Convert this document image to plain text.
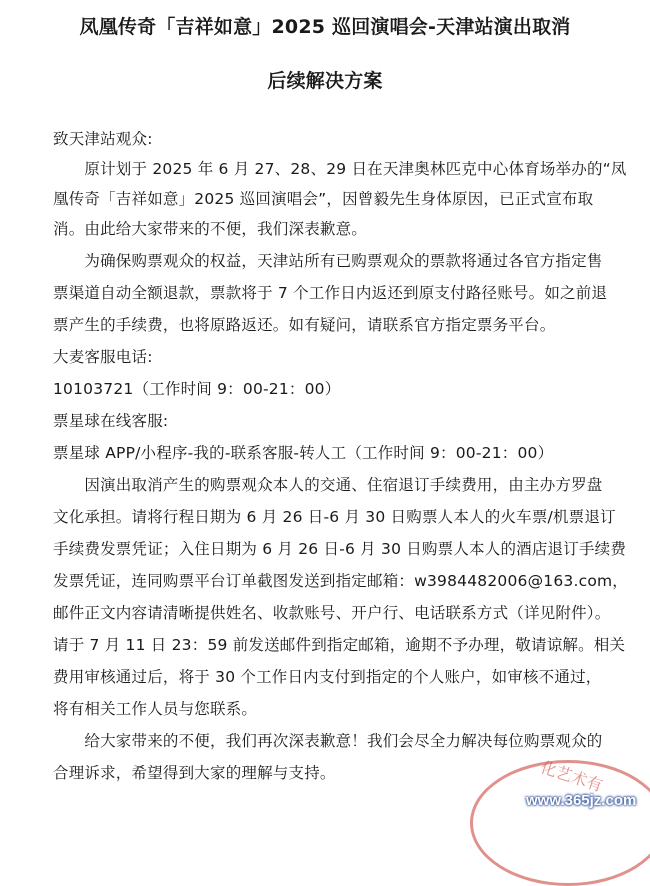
凤凰传奇「吉祥如意」2025 巡回演唱会-天津站演出取消
后续解决方案
致天津站观众:
　　原计划于 2025 年 6 月 27、28、29 日在天津奥林匹克中心体育场举办的“凤
凰传奇「吉祥如意」2025 巡回演唱会”，因曾毅先生身体原因，已正式宣布取
消。由此给大家带来的不便，我们深表歉意。
　　为确保购票观众的权益，天津站所有已购票观众的票款将通过各官方指定售
票渠道自动全额退款，票款将于 7 个工作日内返还到原支付路径账号。如之前退
票产生的手续费，也将原路返还。如有疑问，请联系官方指定票务平台。
大麦客服电话:
10103721（工作时间 9：00-21：00）
票星球在线客服:
票星球 APP/小程序-我的-联系客服-转人工（工作时间 9：00-21：00）
　　因演出取消产生的购票观众本人的交通、住宿退订手续费用，由主办方罗盘
文化承担。请将行程日期为 6 月 26 日-6 月 30 日购票人本人的火车票/机票退订
手续费发票凭证；入住日期为 6 月 26 日-6 月 30 日购票人本人的酒店退订手续费
发票凭证，连同购票平台订单截图发送到指定邮箱：w3984482006@163.com，
邮件正文内容请清晰提供姓名、收款账号、开户行、电话联系方式（详见附件）。
请于 7 月 11 日 23：59 前发送邮件到指定邮箱，逾期不予办理，敬请谅解。相关
费用审核通过后，将于 30 个工作日内支付到指定的个人账户，如审核不通过，
将有相关工作人员与您联系。
　　给大家带来的不便，我们再次深表歉意！我们会尽全力解决每位购票观众的
合理诉求，希望得到大家的理解与支持。	化艺术有
www.365jz.com
